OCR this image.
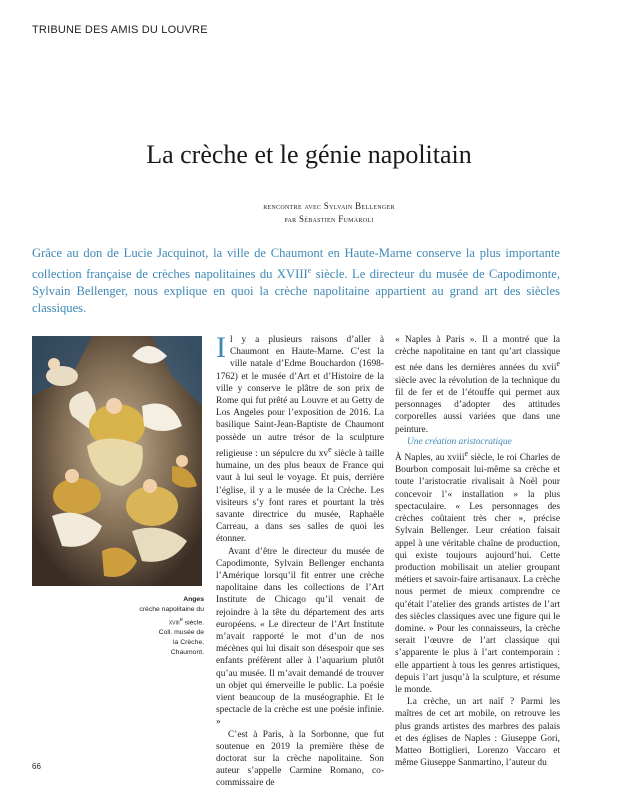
TRIBUNE DES AMIS DU LOUVRE
La crèche et le génie napolitain
rencontre avec Sylvain Bellenger
par Sébastien Fumaroli
Grâce au don de Lucie Jacquinot, la ville de Chaumont en Haute-Marne conserve la plus importante collection française de crèches napolitaines du XVIIIe siècle. Le directeur du musée de Capodimonte, Sylvain Bellenger, nous explique en quoi la crèche napolitaine appartient au grand art des siècles classiques.
Anges
crèche napolitaine du
xviii$^e$ siècle.
Coll. musée de
la Crèche,
Chaumont.

Il y a plusieurs raisons d’aller à Chaumont en Haute-Marne. C’est la ville natale d’Edme Bouchardon (1698-1762) et le musée d’Art et d’Histoire de la ville y conserve le plâtre de son prix de Rome qui fut prêté au Louvre et au Getty de Los Angeles pour l’exposition de 2016. La basilique Saint-Jean-Baptiste de Chaumont possède un autre trésor de la sculpture religieuse : un sépulcre du $xv^e$ siècle à taille humaine, un des plus beaux de France qui vaut à lui seul le voyage. Et puis, derrière l’église, il y a le musée de la Crèche. Les visiteurs s’y font rares et pourtant la très savante directrice du musée, Raphaële Carreau, a dans ses salles de quoi les étonner.

Avant d’être le directeur du musée de Capodimonte, Sylvain Bellenger enchanta l’Amérique lorsqu’il fit entrer une crèche napolitaine dans les collections de l’Art Institute de Chicago qu’il venait de rejoindre à la tête du département des arts européens. « Le directeur de l’Art Institute m’avait rapporté le mot d’un de nos mécènes qui lui disait son désespoir que ses enfants préfèrent aller à l’aquarium plutôt qu’au musée. Il m’avait demandé de trouver un objet qui émerveille le public. La poésie vient beaucoup de la muséographie. Et le spectacle de la crèche est une poésie infinie. »

C’est à Paris, à la Sorbonne, que fut soutenue en 2019 la première thèse de doctorat sur la crèche napolitaine. Son auteur s’appelle Carmine Romano, co-commissaire de

« Naples à Paris ». Il a montré que la crèche napolitaine en tant qu’art classique est née dans les dernières années du xvii$^e$ siècle avec la révolution de la technique du fil de fer et de l’étouffe qui permet aux personnages d’adopter des attitudes corporelles aussi variées que dans une peinture.

Une création aristocratique

À Naples, au xviii$^e$ siècle, le roi Charles de Bourbon composait lui-même sa crèche et toute l’aristocratie rivalisait à Noël pour concevoir l’« installation » la plus spectaculaire. « Les personnages des crèches coûtaient très cher », précise Sylvain Bellenger. Leur création faisait appel à une véritable chaîne de production, qui existe toujours aujourd’hui. Cette production mobilisait un atelier groupant métiers et savoir-faire artisanaux. La crèche nous permet de mieux comprendre ce qu’était l’atelier des grands artistes de l’art des siècles classiques avec une figure qui le domine. » Pour les connaisseurs, la crèche serait l’œuvre de l’art classique qui s’apparente le plus à l’art contemporain : elle appartient à tous les genres artistiques, depuis l’art jusqu’à la sculpture, et résume le monde.

La crèche, un art naïf ? Parmi les maîtres de cet art mobile, on retrouve les plus grands artistes des marbres des palais et des églises de Naples : Giuseppe Gori, Matteo Bottiglieri, Lorenzo Vaccaro et même Giuseppe Sanmartino, l’auteur du

66
